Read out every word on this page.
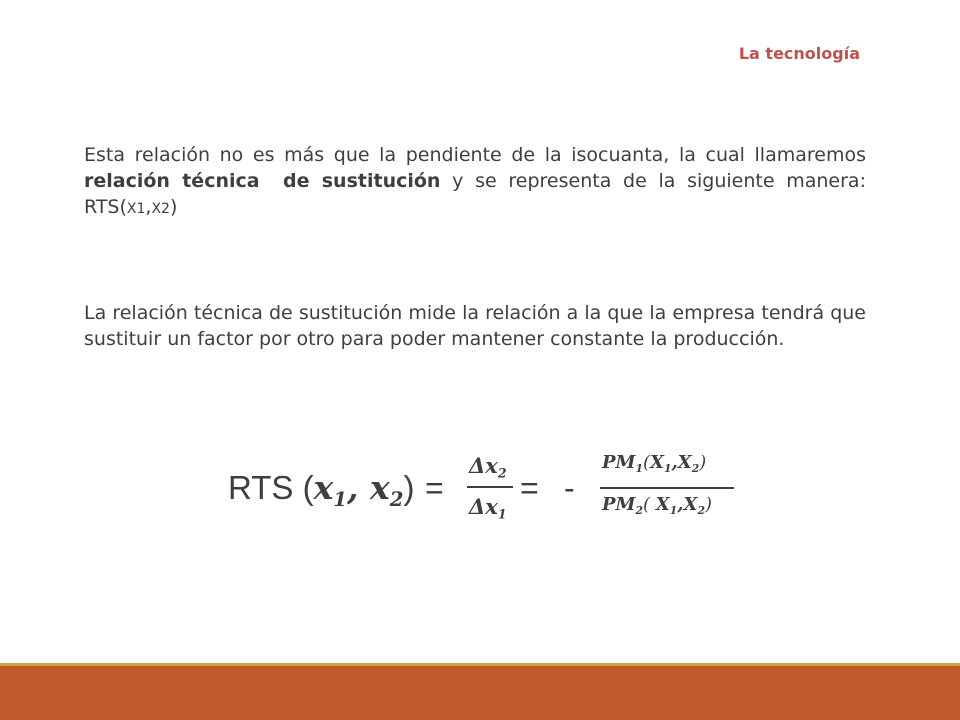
La tecnología
Esta relación no es más que la pendiente de la isocuanta, la cual llamaremos relación técnica de sustitución y se representa de la siguiente manera: RTS(X1,X2)
La relación técnica de sustitución mide la relación a la que la empresa tendrá que sustituir un factor por otro para poder mantener constante la producción.
RTS ($x_1$, $x_2$) =
$\Delta x_2$
$\Delta x_1$
= -
$PM_1(X_1,X_2)$
$PM_2$( $X_1,X_2$)
